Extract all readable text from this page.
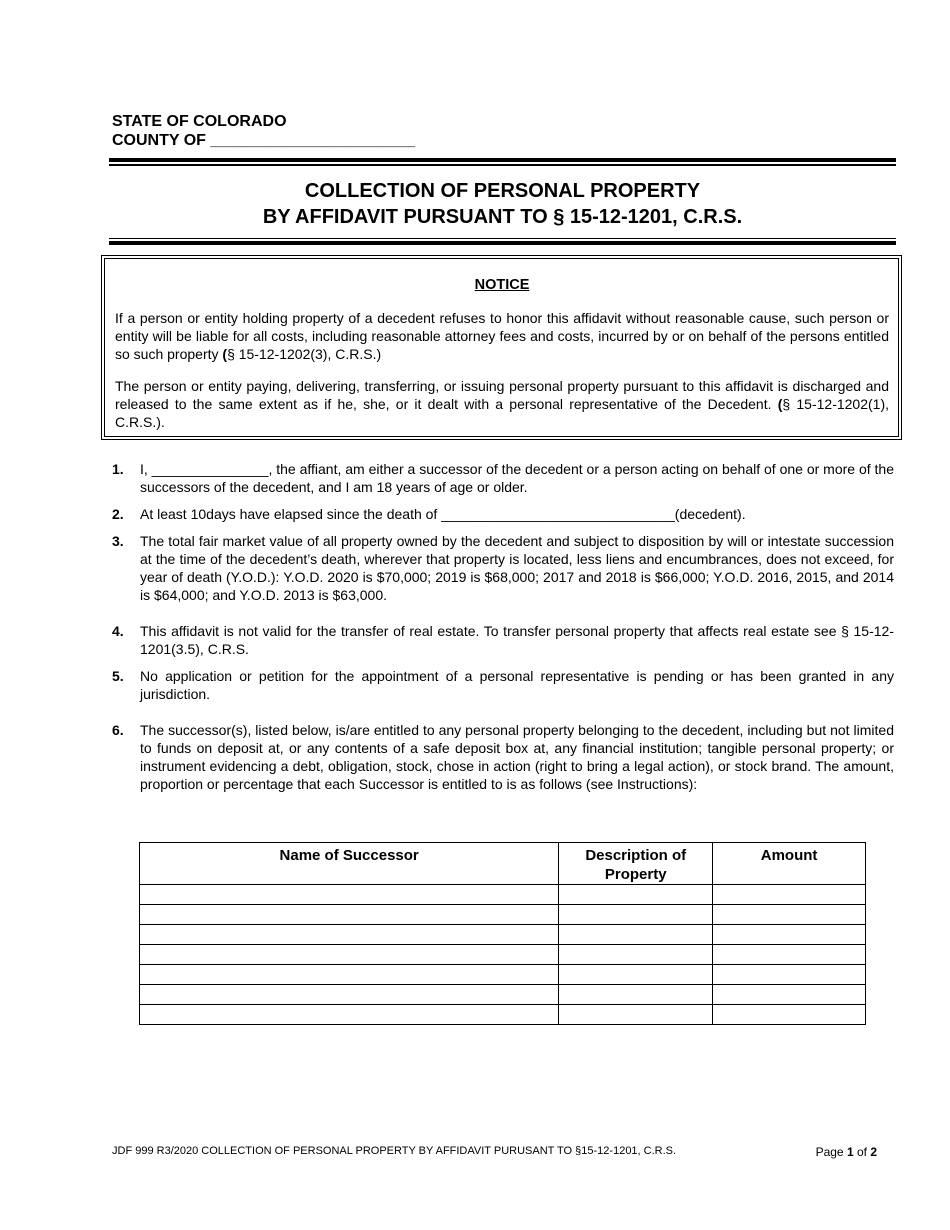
STATE OF COLORADO
COUNTY OF _______________________
COLLECTION OF PERSONAL PROPERTY
BY AFFIDAVIT PURSUANT TO § 15-12-1201, C.R.S.
NOTICE

If a person or entity holding property of a decedent refuses to honor this affidavit without reasonable cause, such person or entity will be liable for all costs, including reasonable attorney fees and costs, incurred by or on behalf of the persons entitled so such property (§ 15-12-1202(3), C.R.S.)

The person or entity paying, delivering, transferring, or issuing personal property pursuant to this affidavit is discharged and released to the same extent as if he, she, or it dealt with a personal representative of the Decedent. (§ 15-12-1202(1), C.R.S.).

1.	I, _______________, the affiant, am either a successor of the decedent or a person acting on behalf of one or more of the successors of the decedent, and I am 18 years of age or older.
2.	At least 10days have elapsed since the death of ______________________________(decedent).
3.	The total fair market value of all property owned by the decedent and subject to disposition by will or intestate succession at the time of the decedent’s death, wherever that property is located, less liens and encumbrances, does not exceed, for year of death (Y.O.D.): Y.O.D. 2020 is $70,000; 2019 is $68,000; 2017 and 2018 is $66,000; Y.O.D. 2016, 2015, and 2014 is $64,000; and Y.O.D. 2013 is $63,000.
4.	This affidavit is not valid for the transfer of real estate. To transfer personal property that affects real estate see § 15-12-1201(3.5), C.R.S.
5.	No application or petition for the appointment of a personal representative is pending or has been granted in any jurisdiction.
6.	The successor(s), listed below, is/are entitled to any personal property belonging to the decedent, including but not limited to funds on deposit at, or any contents of a safe deposit box at, any financial institution; tangible personal property; or instrument evidencing a debt, obligation, stock, chose in action (right to bring a legal action), or stock brand. The amount, proportion or percentage that each Successor is entitled to is as follows (see Instructions):
Name of Successor	Description of Property	Amount

JDF 999 R3/2020 COLLECTION OF PERSONAL PROPERTY BY AFFIDAVIT PURUSANT TO §15-12-1201, C.R.S.	Page 1 of 2
